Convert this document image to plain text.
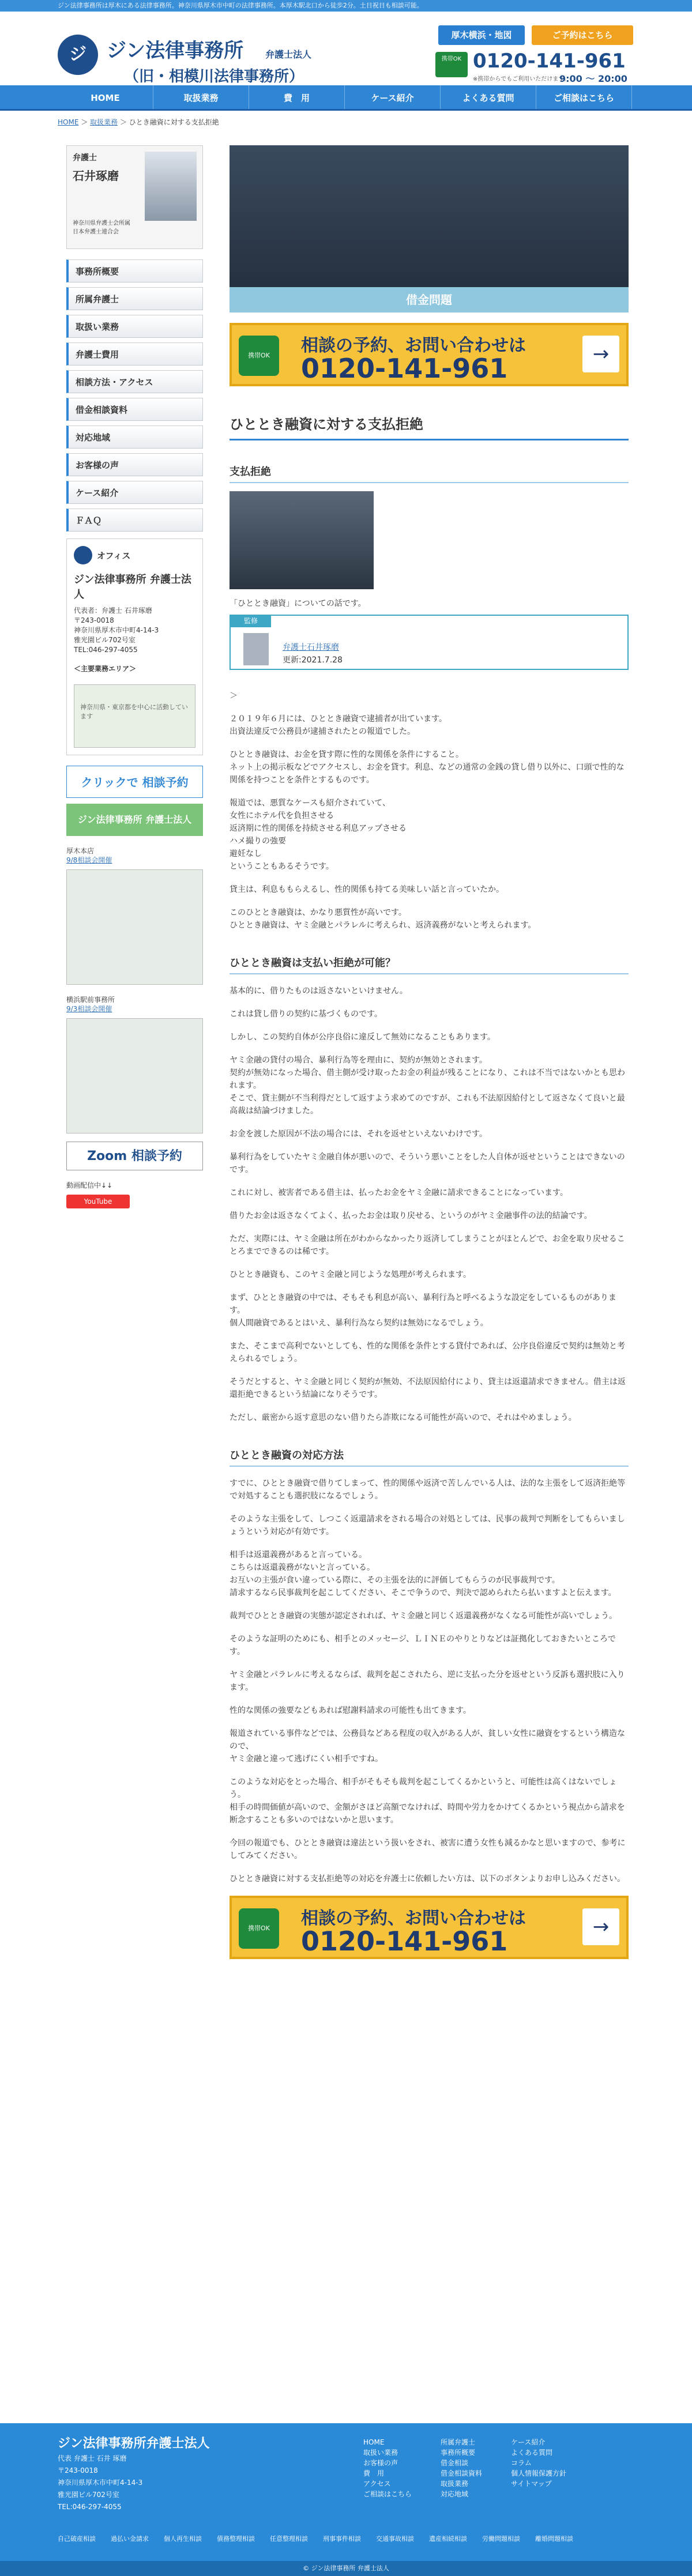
ジン法律事務所は厚木にある法律事務所。神奈川県厚木市中町の法律事務所。本厚木駅北口から徒歩2分。土日祝日も相談可能。
ジ	ジン法律事務所 弁護士法人
（旧・相模川法律事務所）
厚木横浜・地図	ご予約はこちら
携帯OK 0120-141-961
※携帯からでもご利用いただけます。
9:00 〜 20:00
HOME	取扱業務	費　用	ケース紹介	よくある質問	ご相談はこちら
HOME ＞ 取扱業務 ＞ ひとき融資に対する支払拒絶
弁護士
石井琢磨
神奈川県弁護士会所属
日本弁護士連合会
事務所概要
所属弁護士
取扱い業務
弁護士費用
相談方法・アクセス
借金相談資料
対応地域
お客様の声
ケース紹介
ＦＡＱ
オフィス
ジン法律事務所 弁護士法人

代表者：弁護士 石井琢磨

〒243-0018

神奈川県厚木市中町4-14-3

雅光園ビル702号室

TEL:046-297-4055

＜主要業務エリア＞

神奈川県・東京都を中心に活動しています
クリックで 相談予約
ジン法律事務所 弁護士法人
厚木本店
9/8相談会開催
横浜駅前事務所
9/3相談会開催
Zoom 相談予約
動画配信中↓↓
YouTube
借金問題
携帯OK	相談の予約、お問い合わせは
0120-141-961	→
ひととき融資に対する支払拒絶
支払拒絶

「ひととき融資」についての話です。

監修
弁護士石井琢磨
更新:2021.7.28

＞

２０１９年６月には、ひととき融資で逮捕者が出ています。
出資法違反で公務員が逮捕されたとの報道でした。

ひととき融資は、お金を貸す際に性的な関係を条件にすること。
ネット上の掲示板などでアクセスし、お金を貸す。利息、などの通常の金銭の貸し借り以外に、口頭で性的な関係を持つことを条件とするものです。

報道では、悪質なケースも紹介されていて、
女性にホテル代を負担させる
返済期に性的関係を持続させる利息アップさせる
ハメ撮りの強要
避妊なし
ということもあるそうです。

貸主は、利息ももらえるし、性的関係も持てる美味しい話と言っていたか。

このひととき融資は、かなり悪質性が高いです。
ひととき融資は、ヤミ金融とパラレルに考えられ、返済義務がないと考えられます。

ひととき融資は支払い拒絶が可能？

基本的に、借りたものは返さないといけません。

これは貸し借りの契約に基づくものです。

しかし、この契約自体が公序良俗に違反して無効になることもあります。

ヤミ金融の貸付の場合、暴利行為等を理由に、契約が無効とされます。
契約が無効になった場合、借主側が受け取ったお金の利益が残ることになり、これは不当ではないかとも思われます。
そこで、貸主側が不当利得だとして返すよう求めてのですが、これも不法原因給付として返さなくて良いと最高裁は結論づけました。

お金を渡した原因が不法の場合には、それを返せといえないわけです。

暴利行為をしていたヤミ金融自体が悪いので、そういう悪いことをした人自体が返せということはできないのです。

これに対し、被害者である借主は、払ったお金をヤミ金融に請求できることになっています。

借りたお金は返さなくてよく、払ったお金は取り戻せる、というのがヤミ金融事件の法的結論です。

ただ、実際には、ヤミ金融は所在がわからなかったり返済してしまうことがほとんどで、お金を取り戻せることろまでできるのは稀です。

ひととき融資も、このヤミ金融と同じような処理が考えられます。

まず、ひととき融資の中では、そもそも利息が高い、暴利行為と呼べるような設定をしているものがあります。
個人間融資であるとはいえ、暴利行為なら契約は無効になるでしょう。

また、そこまで高利でないとしても、性的な関係を条件とする貸付であれば、公序良俗違反で契約は無効と考えられるでしょう。

そうだとすると、ヤミ金融と同じく契約が無効、不法原因給付により、貸主は返還請求できません。借主は返還拒絶できるという結論になりそうです。

ただし、厳密から返す意思のない借りたら詐欺になる可能性が高いので、それはやめましょう。

ひととき融資の対応方法

すでに、ひととき融資で借りてしまって、性的関係や返済で苦しんでいる人は、法的な主張をして返済拒絶等で対処することも選択肢になるでしょう。

そのような主張をして、しつこく返還請求をされる場合の対処としては、民事の裁判で判断をしてもらいましょうという対応が有効です。

相手は返還義務があると言っている。
こちらは返還義務がないと言っている。
お互いの主張が食い違っている際に、その主張を法的に評価してもらうのが民事裁判です。
請求するなら民事裁判を起こしてください、そこで争うので、判決で認められたら払いますよと伝えます。

裁判でひととき融資の実態が認定されれば、ヤミ金融と同じく返還義務がなくなる可能性が高いでしょう。

そのような証明のためにも、相手とのメッセージ、ＬＩＮＥのやりとりなどは証拠化しておきたいところです。

ヤミ金融とパラレルに考えるならば、裁判を起こされたら、逆に支払った分を返せという反訴も選択肢に入ります。

性的な関係の強要などもあれば慰謝料請求の可能性も出てきます。

報道されている事件などでは、公務員などある程度の収入がある人が、貧しい女性に融資をするという構造なので、
ヤミ金融と違って逃げにくい相手ですね。

このような対応をとった場合、相手がそもそも裁判を起こしてくるかというと、可能性は高くはないでしょう。
相手の時間価値が高いので、金額がさほど高額でなければ、時間や労力をかけてくるかという視点から請求を断念することも多いのではないかと思います。

今回の報道でも、ひととき融資は違法という扱いをされ、被害に遭う女性も減るかなと思いますので、参考にしてみてください。

ひととき融資に対する支払拒絶等の対応を弁護士に依頼したい方は、以下のボタンよりお申し込みください。

携帯OK	相談の予約、お問い合わせは
0120-141-961	→
ジン法律事務所弁護士法人

代表 弁護士 石井 琢磨

〒243-0018

神奈川県厚木市中町4-14-3

雅光園ビル702号室

TEL:046-297-4055

HOME
取扱い業務
お客様の声
費　用
アクセス
ご相談はこちら
所属弁護士
事務所概要
借金相談
借金相談資料
取扱業務
対応地域
ケース紹介
よくある質問
コラム
個人情報保護方針
サイトマップ
自己破産相談 過払い金請求 個人再生相談 債務整理相談 任意整理相談 刑事事件相談 交通事故相談 遺産相続相談 労働問題相談 離婚問題相談
© ジン法律事務所 弁護士法人
